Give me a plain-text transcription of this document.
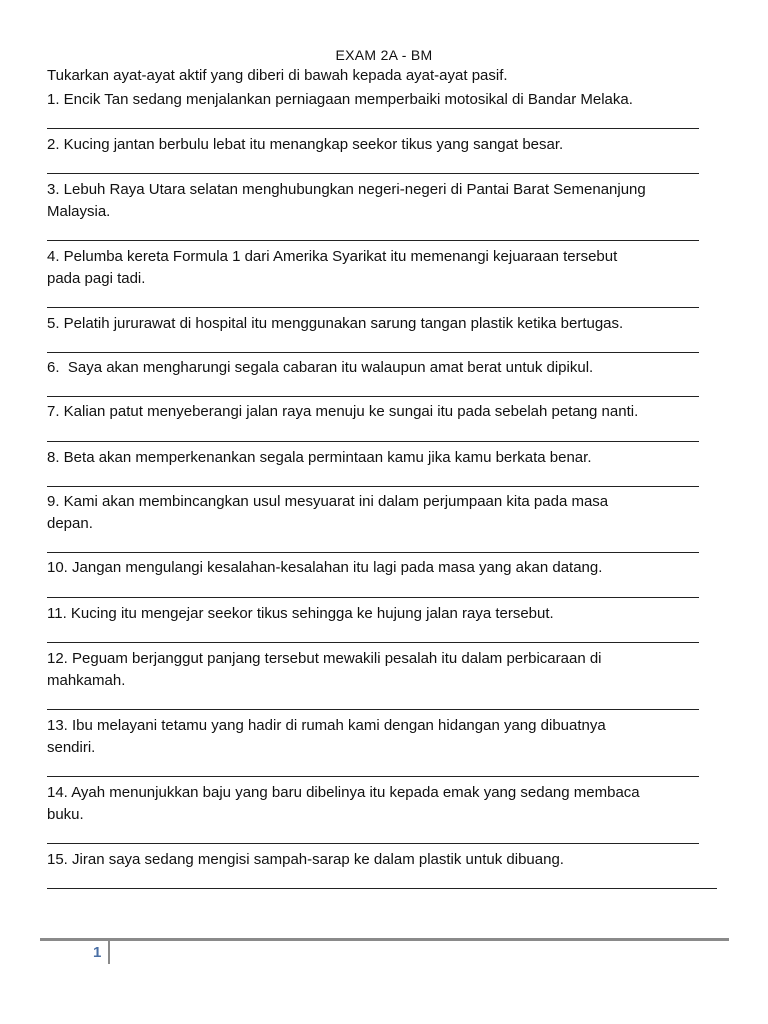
EXAM 2A - BM
Tukarkan ayat-ayat aktif yang diberi di bawah kepada ayat-ayat pasif.
1. Encik Tan sedang menjalankan perniagaan memperbaiki motosikal di Bandar Melaka.
2. Kucing jantan berbulu lebat itu menangkap seekor tikus yang sangat besar.
3. Lebuh Raya Utara selatan menghubungkan negeri-negeri di Pantai Barat Semenanjung
Malaysia.
4. Pelumba kereta Formula 1 dari Amerika Syarikat itu memenangi kejuaraan tersebut
pada pagi tadi.
5. Pelatih jururawat di hospital itu menggunakan sarung tangan plastik ketika bertugas.
6.  Saya akan mengharungi segala cabaran itu walaupun amat berat untuk dipikul.
7. Kalian patut menyeberangi jalan raya menuju ke sungai itu pada sebelah petang nanti.
8. Beta akan memperkenankan segala permintaan kamu jika kamu berkata benar.
9. Kami akan membincangkan usul mesyuarat ini dalam perjumpaan kita pada masa
depan.
10. Jangan mengulangi kesalahan-kesalahan itu lagi pada masa yang akan datang.
11. Kucing itu mengejar seekor tikus sehingga ke hujung jalan raya tersebut.
12. Peguam berjanggut panjang tersebut mewakili pesalah itu dalam perbicaraan di
mahkamah.
13. Ibu melayani tetamu yang hadir di rumah kami dengan hidangan yang dibuatnya
sendiri.
14. Ayah menunjukkan baju yang baru dibelinya itu kepada emak yang sedang membaca
buku.
15. Jiran saya sedang mengisi sampah-sarap ke dalam plastik untuk dibuang.
1
